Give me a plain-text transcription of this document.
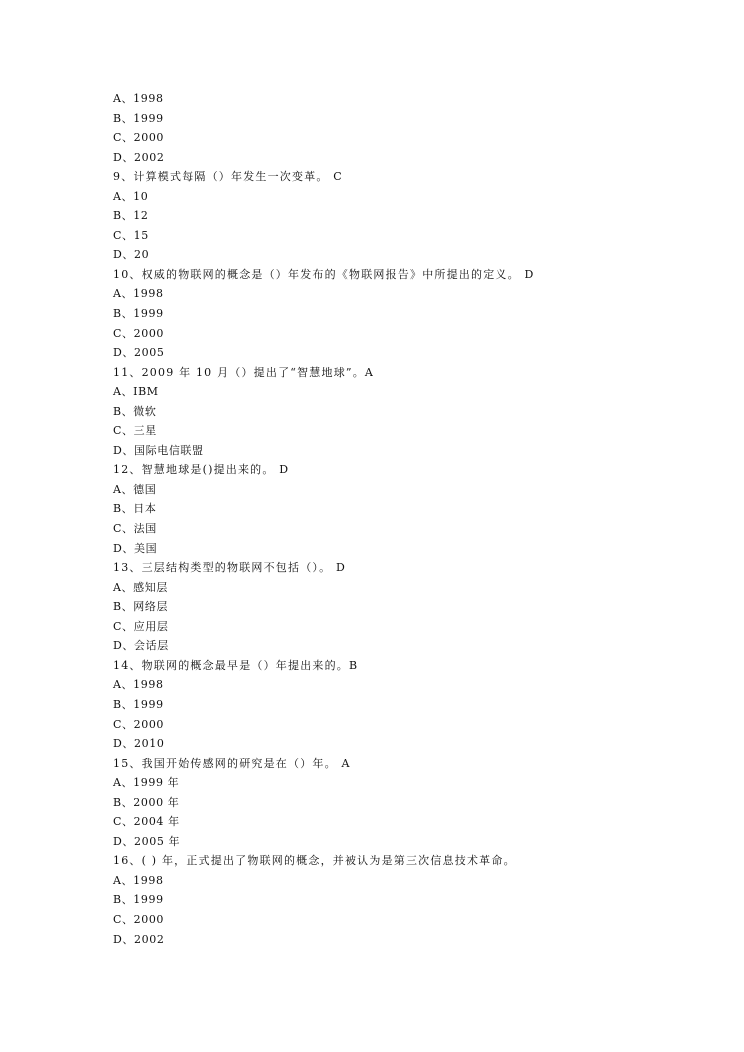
A、1998
B、1999
C、2000
D、2002
9、计算模式每隔（）年发生一次变革。 C
A、10
B、12
C、15
D、20
10、权威的物联网的概念是（）年发布的《物联网报告》中所提出的定义。 D
A、1998
B、1999
C、2000
D、2005
11、2009 年 10 月（）提出了“智慧地球”。A
A、IBM
B、微软
C、三星
D、国际电信联盟
12、智慧地球是()提出来的。 D
A、德国
B、日本
C、法国
D、美国
13、三层结构类型的物联网不包括（）。 D
A、感知层
B、网络层
C、应用层
D、会话层
14、物联网的概念最早是（）年提出来的。B
A、1998
B、1999
C、2000
D、2010
15、我国开始传感网的研究是在（）年。 A
A、1999 年
B、2000 年
C、2004 年
D、2005 年
16、( ) 年，正式提出了物联网的概念，并被认为是第三次信息技术革命。
A、1998
B、1999
C、2000
D、2002
